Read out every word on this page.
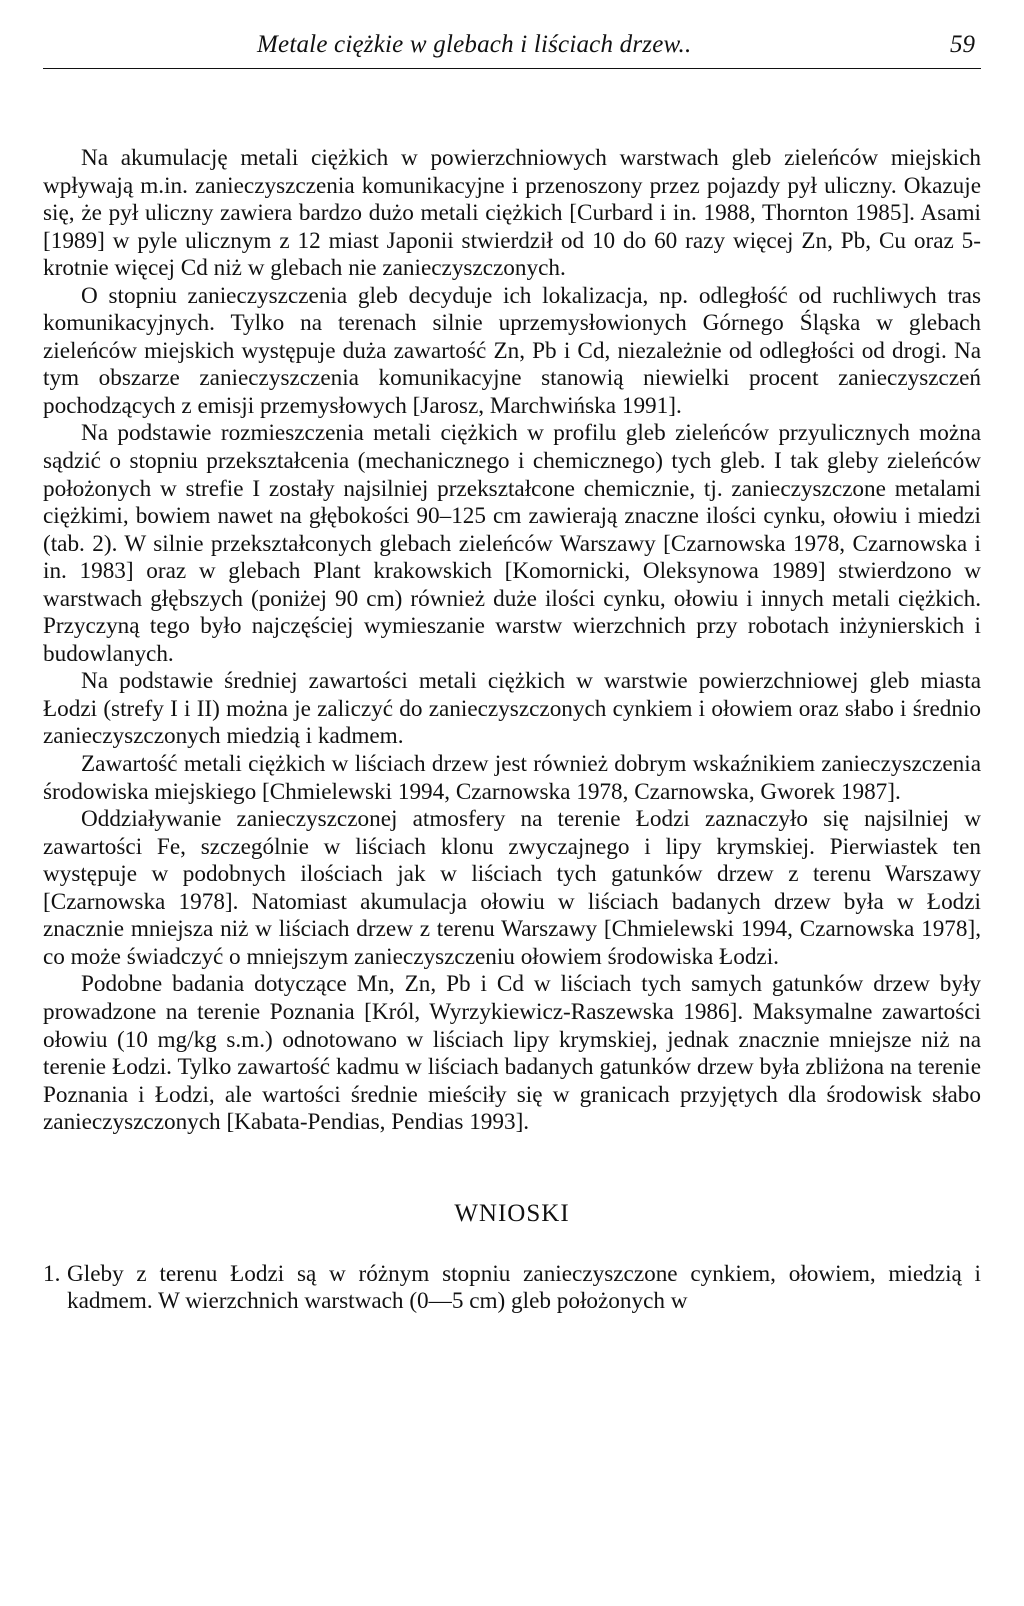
Metale ciężkie w glebach i liściach drzew..	59

Na akumulację metali ciężkich w powierzchniowych warstwach gleb zieleńców miejskich wpływają m.in. zanieczyszczenia komunikacyjne i przenoszony przez pojazdy pył uliczny. Okazuje się, że pył uliczny zawiera bardzo dużo metali ciężkich [Curbard i in. 1988, Thornton 1985]. Asami [1989] w pyle ulicznym z 12 miast Japonii stwierdził od 10 do 60 razy więcej Zn, Pb, Cu oraz 5-krotnie więcej Cd niż w glebach nie zanieczyszczonych.

O stopniu zanieczyszczenia gleb decyduje ich lokalizacja, np. odległość od ruchliwych tras komunikacyjnych. Tylko na terenach silnie uprzemysłowionych Górnego Śląska w glebach zieleńców miejskich występuje duża zawartość Zn, Pb i Cd, niezależnie od odległości od drogi. Na tym obszarze zanieczyszczenia komunikacyjne stanowią niewielki procent zanieczyszczeń pochodzących z emisji przemysłowych [Jarosz, Marchwińska 1991].

Na podstawie rozmieszczenia metali ciężkich w profilu gleb zieleńców przyulicznych można sądzić o stopniu przekształcenia (mechanicznego i chemicznego) tych gleb. I tak gleby zieleńców położonych w strefie I zostały najsilniej przekształcone chemicznie, tj. zanieczyszczone metalami ciężkimi, bowiem nawet na głębokości 90–125 cm zawierają znaczne ilości cynku, ołowiu i miedzi (tab. 2). W silnie przekształconych glebach zieleńców Warszawy [Czarnowska 1978, Czarnowska i in. 1983] oraz w glebach Plant krakowskich [Komornicki, Oleksynowa 1989] stwierdzono w warstwach głębszych (poniżej 90 cm) również duże ilości cynku, ołowiu i innych metali ciężkich. Przyczyną tego było najczęściej wymieszanie warstw wierzchnich przy robotach inżynierskich i budowlanych.

Na podstawie średniej zawartości metali ciężkich w warstwie powierzchniowej gleb miasta Łodzi (strefy I i II) można je zaliczyć do zanieczyszczonych cynkiem i ołowiem oraz słabo i średnio zanieczyszczonych miedzią i kadmem.

Zawartość metali ciężkich w liściach drzew jest również dobrym wskaźnikiem zanieczyszczenia środowiska miejskiego [Chmielewski 1994, Czarnowska 1978, Czarnowska, Gworek 1987].

Oddziaływanie zanieczyszczonej atmosfery na terenie Łodzi zaznaczyło się najsilniej w zawartości Fe, szczególnie w liściach klonu zwyczajnego i lipy krymskiej. Pierwiastek ten występuje w podobnych ilościach jak w liściach tych gatunków drzew z terenu Warszawy [Czarnowska 1978]. Natomiast akumulacja ołowiu w liściach badanych drzew była w Łodzi znacznie mniejsza niż w liściach drzew z terenu Warszawy [Chmielewski 1994, Czarnowska 1978], co może świadczyć o mniejszym zanieczyszczeniu ołowiem środowiska Łodzi.

Podobne badania dotyczące Mn, Zn, Pb i Cd w liściach tych samych gatunków drzew były prowadzone na terenie Poznania [Król, Wyrzykiewicz-Raszewska 1986]. Maksymalne zawartości ołowiu (10 mg/kg s.m.) odnotowano w liściach lipy krymskiej, jednak znacznie mniejsze niż na terenie Łodzi. Tylko zawartość kadmu w liściach badanych gatunków drzew była zbliżona na terenie Poznania i Łodzi, ale wartości średnie mieściły się w granicach przyjętych dla środowisk słabo zanieczyszczonych [Kabata-Pendias, Pendias 1993].

WNIOSKI
1. Gleby z terenu Łodzi są w różnym stopniu zanieczyszczone cynkiem, ołowiem, miedzią i kadmem. W wierzchnich warstwach (0—5 cm) gleb położonych w
